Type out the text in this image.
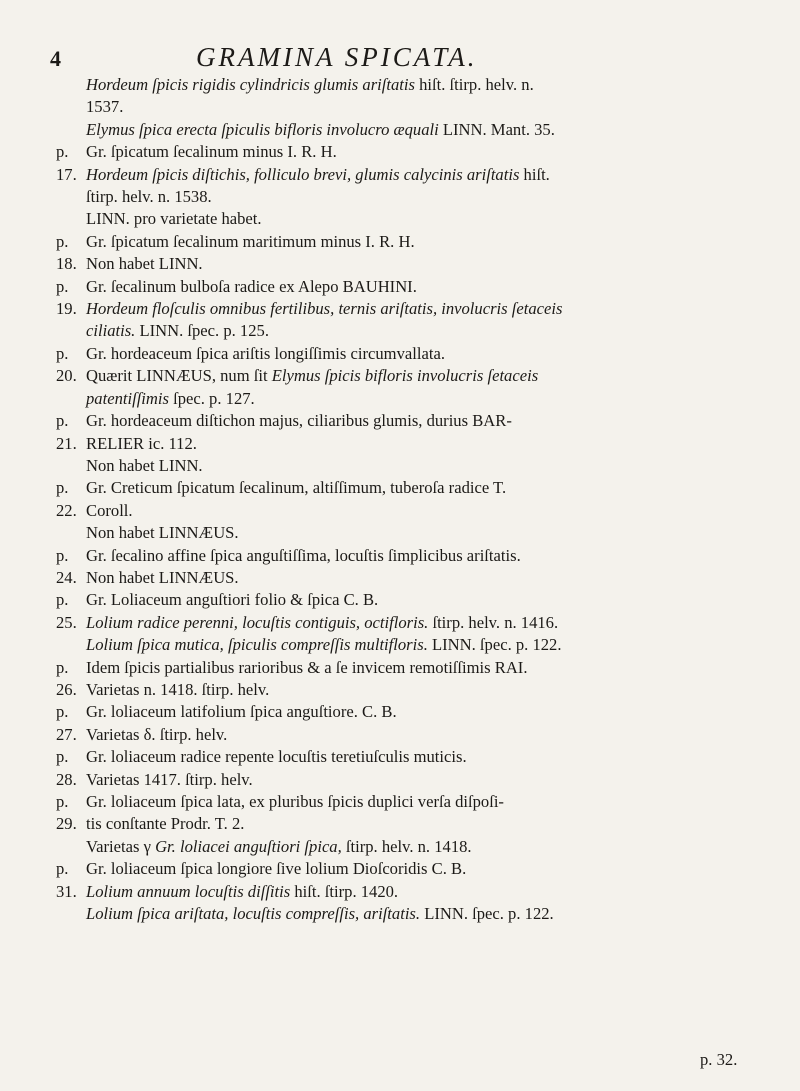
4	GRAMINA SPICATA.
Hordeum ſpicis rigidis cylindricis glumis ariſtatis hiſt. ſtirp. helv. n.
1537.
Elymus ſpica erecta ſpiculis bifloris involucro æquali LINN. Mant. 35.
p. 17.
Gr. ſpicatum ſecalinum minus I. R. H.
Hordeum ſpicis diſtichis, folliculo brevi, glumis calycinis ariſtatis hiſt.
ſtirp. helv. n. 1538.
LINN. pro varietate habet.
p. 18.
Gr. ſpicatum ſecalinum maritimum minus I. R. H.
Non habet LINN.
p. 19.
Gr. ſecalinum bulboſa radice ex Alepo BAUHINI.
Hordeum floſculis omnibus fertilibus, ternis ariſtatis, involucris ſetaceis
ciliatis. LINN. ſpec. p. 125.
p. 20.
Gr. hordeaceum ſpica ariſtis longiſſimis circumvallata.
Quærit LINNÆUS, num ſit Elymus ſpicis bifloris involucris ſetaceis
patentiſſimis ſpec. p. 127.
p. 21.
Gr. hordeaceum diſtichon majus, ciliaribus glumis, durius BAR-
RELIER ic. 112.
Non habet LINN.
p. 22.
Gr. Creticum ſpicatum ſecalinum, altiſſimum, tuberoſa radice T.
Coroll.
Non habet LINNÆUS.
p. 24.
Gr. ſecalino affine ſpica anguſtiſſima, locuſtis ſimplicibus ariſtatis.
Non habet LINNÆUS.
p. 25.
Gr. Loliaceum anguſtiori folio & ſpica C. B.
Lolium radice perenni, locuſtis contiguis, octifloris. ſtirp. helv. n. 1416.
Lolium ſpica mutica, ſpiculis compreſſis multifloris. LINN. ſpec. p. 122.
p. 26.
Idem ſpicis partialibus rarioribus & a ſe invicem remotiſſimis RAI.
Varietas n. 1418. ſtirp. helv.
p. 27.
Gr. loliaceum latifolium ſpica anguſtiore. C. B.
Varietas δ. ſtirp. helv.
p. 28.
Gr. loliaceum radice repente locuſtis teretiuſculis muticis.
Varietas 1417. ſtirp. helv.
p. 29.
Gr. loliaceum ſpica lata, ex pluribus ſpicis duplici verſa diſpoſi-
tis conſtante Prodr. T. 2.
Varietas γ Gr. loliacei anguſtiori ſpica, ſtirp. helv. n. 1418.
p. 31.
Gr. loliaceum ſpica longiore ſive lolium Dioſcoridis C. B.
Lolium annuum locuſtis diſſitis hiſt. ſtirp. 1420.
Lolium ſpica ariſtata, locuſtis compreſſis, ariſtatis. LINN. ſpec. p. 122.
p. 32.
